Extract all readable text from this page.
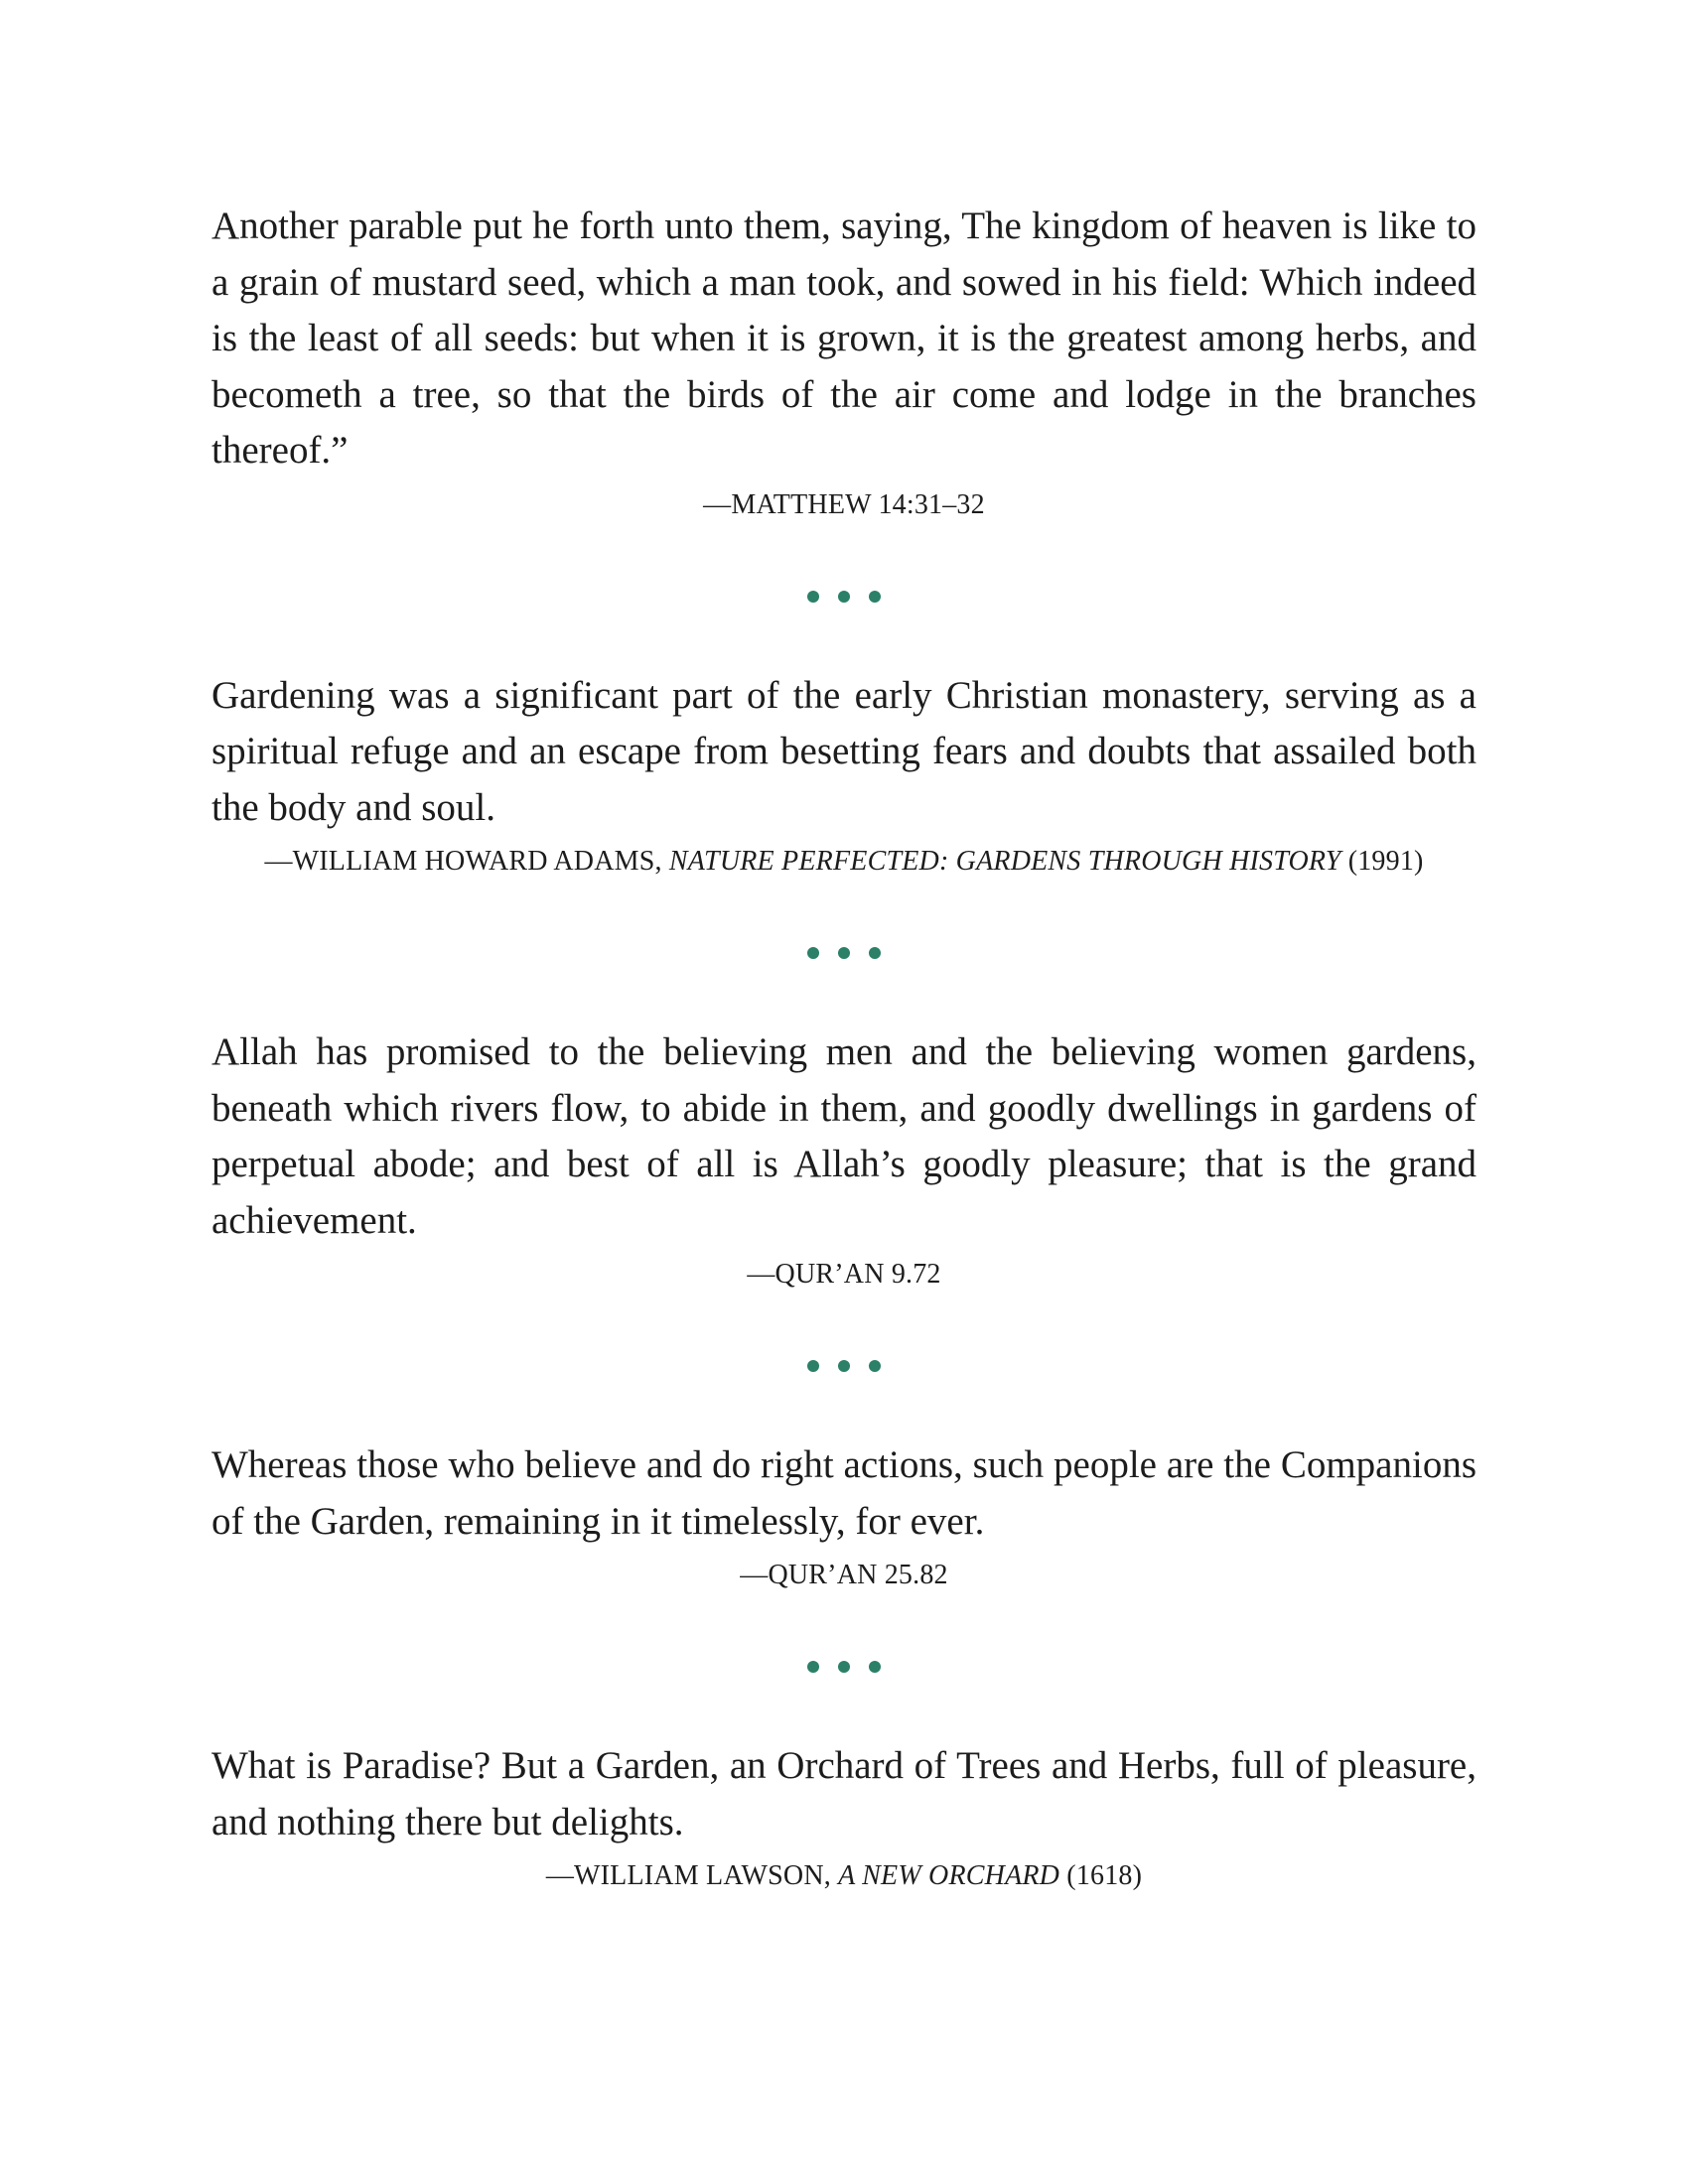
Another parable put he forth unto them, saying, The kingdom of heaven is like to a grain of mustard seed, which a man took, and sowed in his field: Which indeed is the least of all seeds: but when it is grown, it is the greatest among herbs, and becometh a tree, so that the birds of the air come and lodge in the branches thereof.”

—MATTHEW 14:31–32

Gardening was a significant part of the early Christian monastery, serving as a spiritual refuge and an escape from besetting fears and doubts that assailed both the body and soul.

—WILLIAM HOWARD ADAMS, NATURE PERFECTED: GARDENS THROUGH HISTORY (1991)

Allah has promised to the believing men and the believing women gardens, beneath which rivers flow, to abide in them, and goodly dwellings in gardens of perpetual abode; and best of all is Allah’s goodly pleasure; that is the grand achievement.

—QUR’AN 9.72

Whereas those who believe and do right actions, such people are the Companions of the Garden, remaining in it timelessly, for ever.

—QUR’AN 25.82

What is Paradise? But a Garden, an Orchard of Trees and Herbs, full of pleasure, and nothing there but delights.

—WILLIAM LAWSON, A NEW ORCHARD (1618)
